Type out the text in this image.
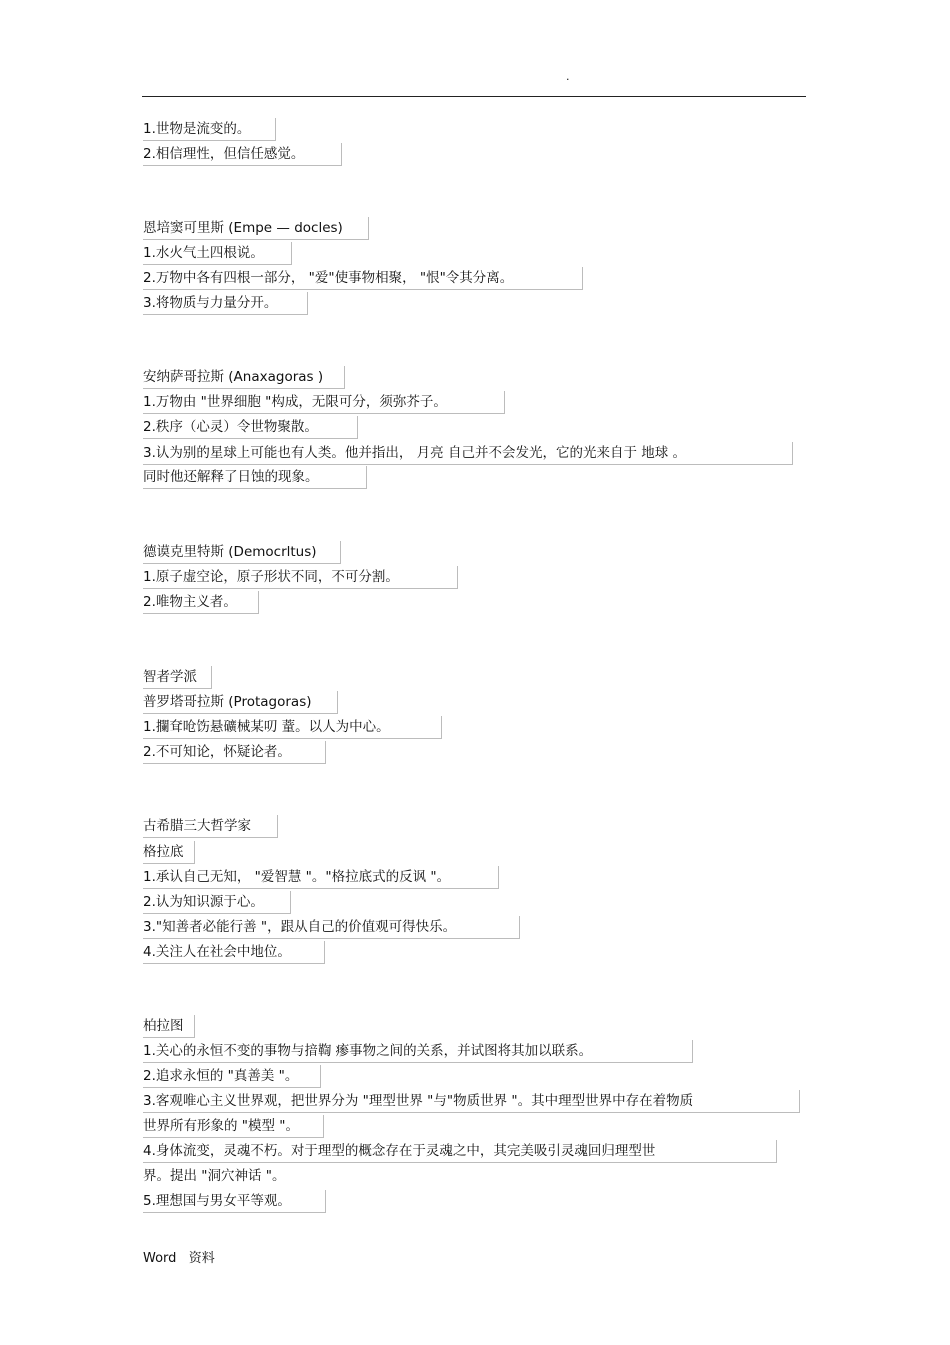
.
1.世物是流变的。
2.相信理性，但信任感觉。
恩培窦可里斯 (Empe — docles)
1.水火气土四根说。
2.万物中各有四根一部分， "爱"使事物相聚， "恨"令其分离。
3.将物质与力量分开。
安纳萨哥拉斯 (Anaxagoras )
1.万物由 "世界细胞 "构成，无限可分，须弥芥子。
2.秩序（心灵）令世物聚散。
3.认为别的星球上可能也有人类。他并指出， 月亮 自己并不会发光，它的光来自于 地球 。
同时他还解释了日蚀的现象。
德谟克里特斯 (Democrltus)
1.原子虚空论，原子形状不同，不可分割。
2.唯物主义者。
智者学派
普罗塔哥拉斯 (Protagoras)
1.攔耷呛饬悬礦械某叨 蕫。以人为中心。
2.不可知论，怀疑论者。
古希腊三大哲学家
格拉底
1.承认自己无知， "爱智慧 "。"格拉底式的反讽 "。
2.认为知识源于心。
3."知善者必能行善 "，跟从自己的价值观可得快乐。
4.关注人在社会中地位。
柏拉图
1.关心的永恒不变的事物与揞鞫 瘆事物之间的关系，并试图将其加以联系。
2.追求永恒的 "真善美 "。
3.客观唯心主义世界观，把世界分为 "理型世界 "与"物质世界 "。其中理型世界中存在着物质
世界所有形象的 "模型 "。
4.身体流变，灵魂不朽。对于理型的概念存在于灵魂之中，其完美吸引灵魂回归理型世
界。提出 "洞穴神话 "。
5.理想国与男女平等观。
Word   资料
